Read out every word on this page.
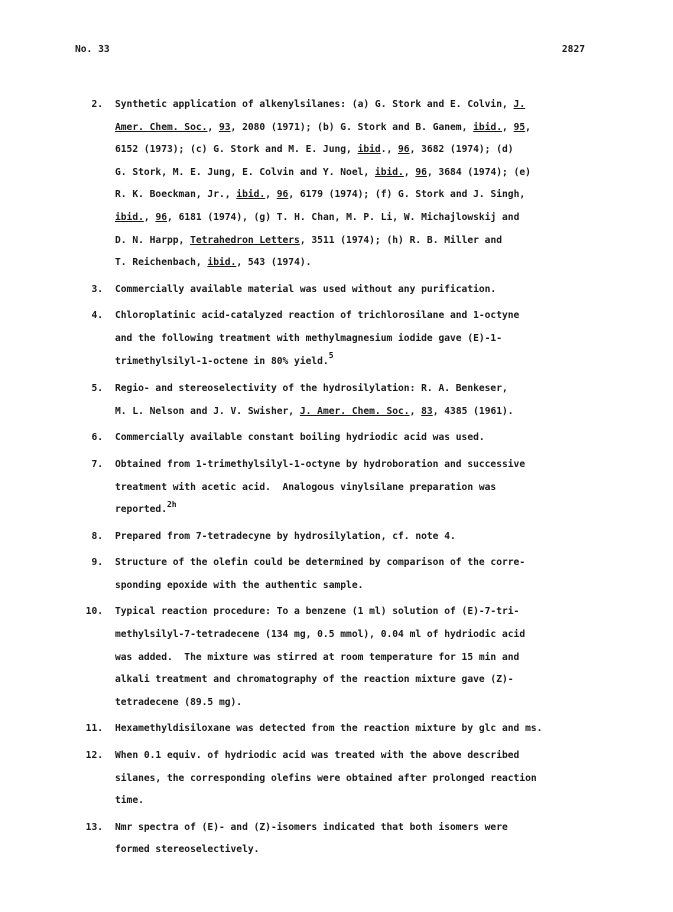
No. 33	2827
2. Synthetic application of alkenylsilanes: (a) G. Stork and E. Colvin, J.
Amer. Chem. Soc., 93, 2080 (1971); (b) G. Stork and B. Ganem, ibid., 95,
6152 (1973); (c) G. Stork and M. E. Jung, ibid., 96, 3682 (1974); (d)
G. Stork, M. E. Jung, E. Colvin and Y. Noel, ibid., 96, 3684 (1974); (e)
R. K. Boeckman, Jr., ibid., 96, 6179 (1974); (f) G. Stork and J. Singh,
ibid., 96, 6181 (1974), (g) T. H. Chan, M. P. Li, W. Michajlowskij and
D. N. Harpp, Tetrahedron Letters, 3511 (1974); (h) R. B. Miller and
T. Reichenbach, ibid., 543 (1974).
3. Commercially available material was used without any purification.
4. Chloroplatinic acid-catalyzed reaction of trichlorosilane and 1-octyne
and the following treatment with methylmagnesium iodide gave (E)-1-
trimethylsilyl-1-octene in 80% yield.$^5$
5. Regio- and stereoselectivity of the hydrosilylation: R. A. Benkeser,
M. L. Nelson and J. V. Swisher, J. Amer. Chem. Soc., 83, 4385 (1961).
6. Commercially available constant boiling hydriodic acid was used.
7. Obtained from 1-trimethylsilyl-1-octyne by hydroboration and successive
treatment with acetic acid.  Analogous vinylsilane preparation was
reported.$^{2h}$
8. Prepared from 7-tetradecyne by hydrosilylation, cf. note 4.
9. Structure of the olefin could be determined by comparison of the corre-
sponding epoxide with the authentic sample.
10. Typical reaction procedure: To a benzene (1 ml) solution of (E)-7-tri-
methylsilyl-7-tetradecene (134 mg, 0.5 mmol), 0.04 ml of hydriodic acid
was added.  The mixture was stirred at room temperature for 15 min and
alkali treatment and chromatography of the reaction mixture gave (Z)-
tetradecene (89.5 mg).
11. Hexamethyldisiloxane was detected from the reaction mixture by glc and ms.
12. When 0.1 equiv. of hydriodic acid was treated with the above described
silanes, the corresponding olefins were obtained after prolonged reaction
time.
13. Nmr spectra of (E)- and (Z)-isomers indicated that both isomers were
formed stereoselectively.
